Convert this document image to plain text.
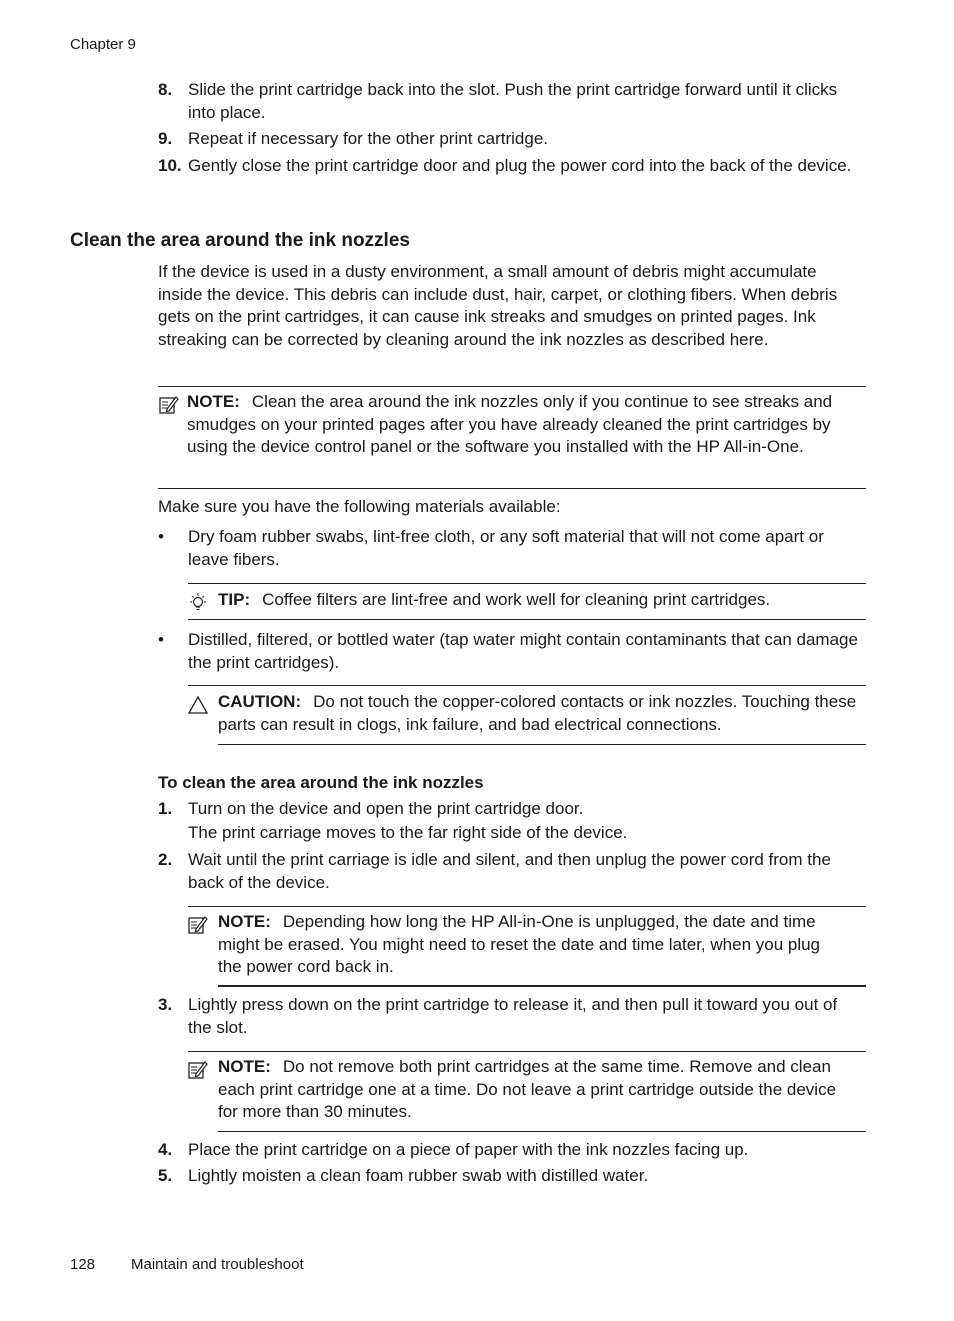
Chapter 9
8. Slide the print cartridge back into the slot. Push the print cartridge forward until it clicks into place.
9. Repeat if necessary for the other print cartridge.
10. Gently close the print cartridge door and plug the power cord into the back of the device.
Clean the area around the ink nozzles
If the device is used in a dusty environment, a small amount of debris might accumulate inside the device. This debris can include dust, hair, carpet, or clothing fibers. When debris gets on the print cartridges, it can cause ink streaks and smudges on printed pages. Ink streaking can be corrected by cleaning around the ink nozzles as described here.
NOTE: Clean the area around the ink nozzles only if you continue to see streaks and smudges on your printed pages after you have already cleaned the print cartridges by using the device control panel or the software you installed with the HP All-in-One.
Make sure you have the following materials available:
• Dry foam rubber swabs, lint-free cloth, or any soft material that will not come apart or leave fibers.
TIP: Coffee filters are lint-free and work well for cleaning print cartridges.
• Distilled, filtered, or bottled water (tap water might contain contaminants that can damage the print cartridges).
CAUTION: Do not touch the copper-colored contacts or ink nozzles. Touching these parts can result in clogs, ink failure, and bad electrical connections.
To clean the area around the ink nozzles
1. Turn on the device and open the print cartridge door.
The print carriage moves to the far right side of the device.
2. Wait until the print carriage is idle and silent, and then unplug the power cord from the back of the device.
NOTE: Depending how long the HP All-in-One is unplugged, the date and time might be erased. You might need to reset the date and time later, when you plug the power cord back in.
3. Lightly press down on the print cartridge to release it, and then pull it toward you out of the slot.
NOTE: Do not remove both print cartridges at the same time. Remove and clean each print cartridge one at a time. Do not leave a print cartridge outside the device for more than 30 minutes.
4. Place the print cartridge on a piece of paper with the ink nozzles facing up.
5. Lightly moisten a clean foam rubber swab with distilled water.
128 Maintain and troubleshoot
